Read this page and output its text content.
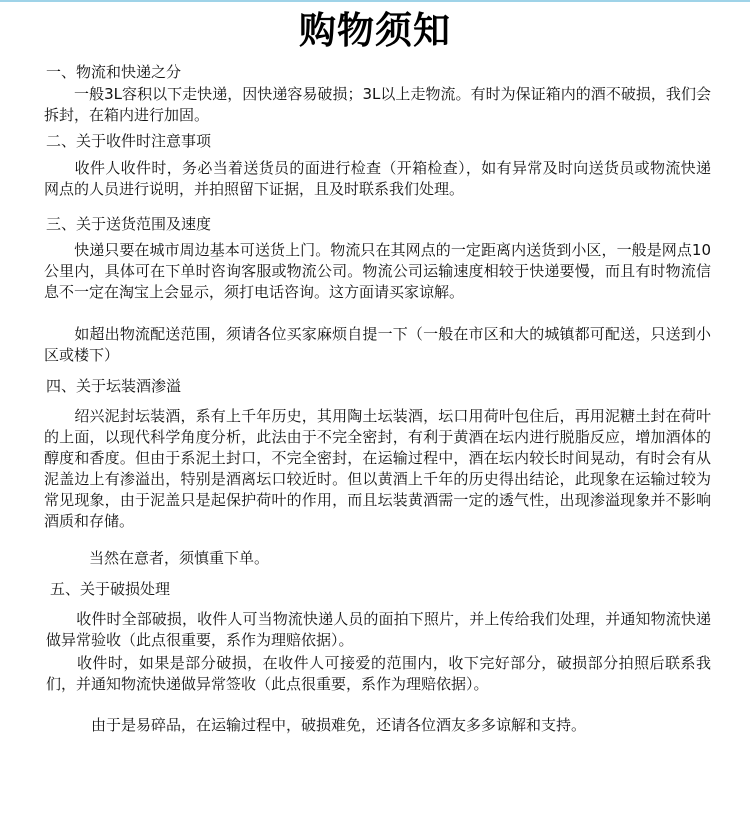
购物须知
一、物流和快递之分
　　一般3L容积以下走快递，因快递容易破损；3L以上走物流。有时为保证箱内的酒不破损，我们会拆封，在箱内进行加固。
二、关于收件时注意事项
　　收件人收件时，务必当着送货员的面进行检查（开箱检查），如有异常及时向送货员或物流快递网点的人员进行说明，并拍照留下证据，且及时联系我们处理。
三、关于送货范围及速度
　　快递只要在城市周边基本可送货上门。物流只在其网点的一定距离内送货到小区，一般是网点10公里内，具体可在下单时咨询客服或物流公司。物流公司运输速度相较于快递要慢，而且有时物流信息不一定在淘宝上会显示，须打电话咨询。这方面请买家谅解。
　　如超出物流配送范围，须请各位买家麻烦自提一下（一般在市区和大的城镇都可配送，只送到小区或楼下）
四、关于坛装酒渗溢
　　绍兴泥封坛装酒，系有上千年历史，其用陶土坛装酒，坛口用荷叶包住后，再用泥糖土封在荷叶的上面，以现代科学角度分析，此法由于不完全密封，有利于黄酒在坛内进行脱脂反应，增加酒体的醇度和香度。但由于系泥土封口，不完全密封，在运输过程中，酒在坛内较长时间晃动，有时会有从泥盖边上有渗溢出，特别是酒离坛口较近时。但以黄酒上千年的历史得出结论，此现象在运输过较为常见现象，由于泥盖只是起保护荷叶的作用，而且坛装黄酒需一定的透气性，出现渗溢现象并不影响酒质和存储。
　　　当然在意者，须慎重下单。
五、关于破损处理
　　收件时全部破损，收件人可当物流快递人员的面拍下照片，并上传给我们处理，并通知物流快递做异常验收（此点很重要，系作为理赔依据）。
　　收件时，如果是部分破损，在收件人可接爱的范围内，收下完好部分，破损部分拍照后联系我们，并通知物流快递做异常签收（此点很重要，系作为理赔依据）。
　　　由于是易碎品，在运输过程中，破损难免，还请各位酒友多多谅解和支持。
